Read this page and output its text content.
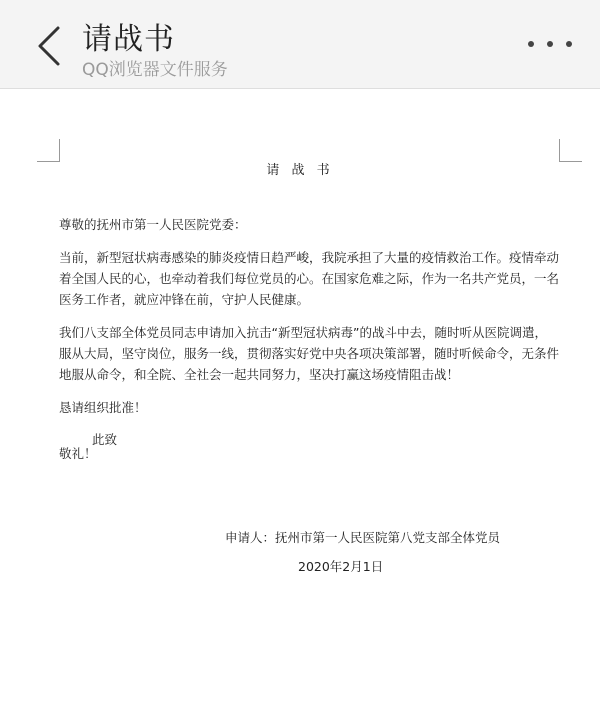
请战书
QQ浏览器文件服务
请 战 书

尊敬的抚州市第一人民医院党委：

当前，新型冠状病毒感染的肺炎疫情日趋严峻，我院承担了大量的疫情救治工作。疫情牵动着全国人民的心，也牵动着我们每位党员的心。在国家危难之际，作为一名共产党员，一名医务工作者，就应冲锋在前，守护人民健康。

我们八支部全体党员同志申请加入抗击“新型冠状病毒”的战斗中去，随时听从医院调遣，服从大局，坚守岗位，服务一线，贯彻落实好党中央各项决策部署，随时听候命令，无条件地服从命令，和全院、全社会一起共同努力，坚决打赢这场疫情阻击战！

恳请组织批准！

此致

敬礼！
申请人：抚州市第一人民医院第八党支部全体党员
2020年2月1日
